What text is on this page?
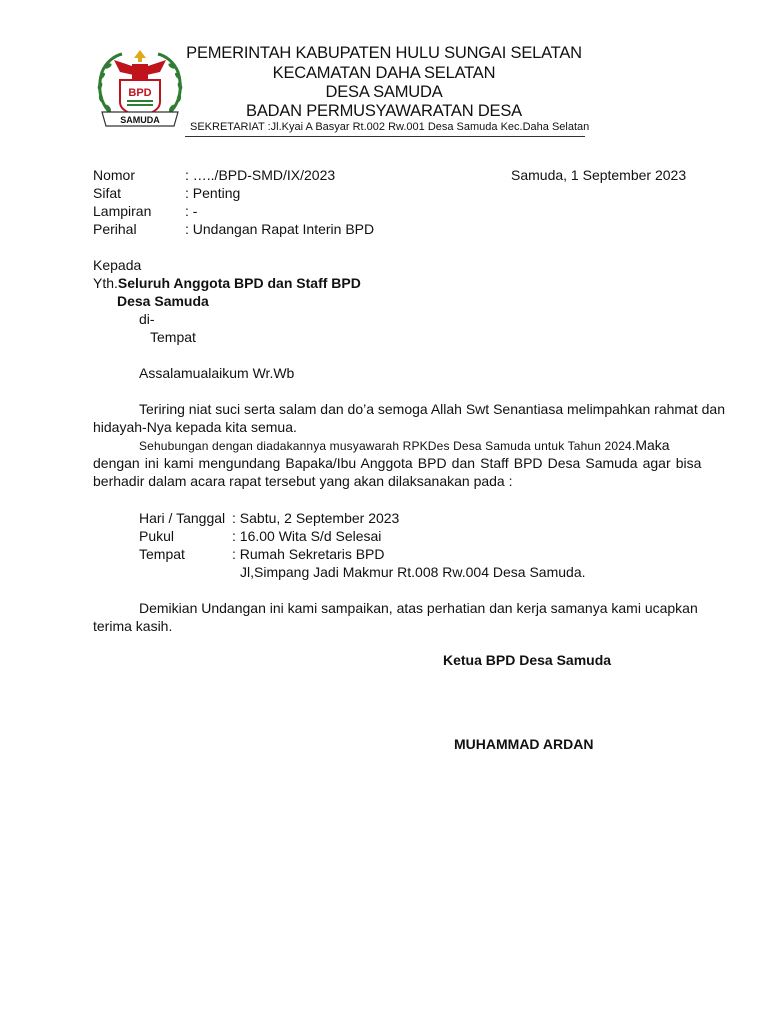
BPD
SAMUDA
PEMERINTAH KABUPATEN HULU SUNGAI SELATAN
KECAMATAN DAHA SELATAN
DESA SAMUDA
BADAN PERMUSYAWARATAN DESA
SEKRETARIAT :Jl.Kyai A Basyar Rt.002 Rw.001 Desa Samuda Kec.Daha Selatan
Nomor	: …../BPD-SMD/IX/2023	Samuda, 1 September 2023
Sifat	: Penting
Lampiran : -
Perihal	: Undangan Rapat Interin BPD
Kepada
Yth.Seluruh Anggota BPD dan Staff BPD
Desa Samuda
di-
Tempat
Assalamualaikum Wr.Wb
Teriring niat suci serta salam dan do’a semoga Allah Swt Senantiasa melimpahkan rahmat dan
hidayah-Nya kepada kita semua.
Sehubungan dengan diadakannya musyawarah RPKDes Desa Samuda untuk Tahun 2024.Maka
dengan ini kami mengundang Bapaka/Ibu Anggota BPD dan Staff BPD Desa Samuda agar bisa
berhadir dalam acara rapat tersebut yang akan dilaksanakan pada :
Hari / Tanggal : Sabtu, 2 September 2023
Pukul	: 16.00 Wita S/d Selesai
Tempat	: Rumah Sekretaris BPD
Jl,Simpang Jadi Makmur Rt.008 Rw.004 Desa Samuda.
Demikian Undangan ini kami sampaikan, atas perhatian dan kerja samanya kami ucapkan
terima kasih.
Ketua BPD Desa Samuda
MUHAMMAD ARDAN
